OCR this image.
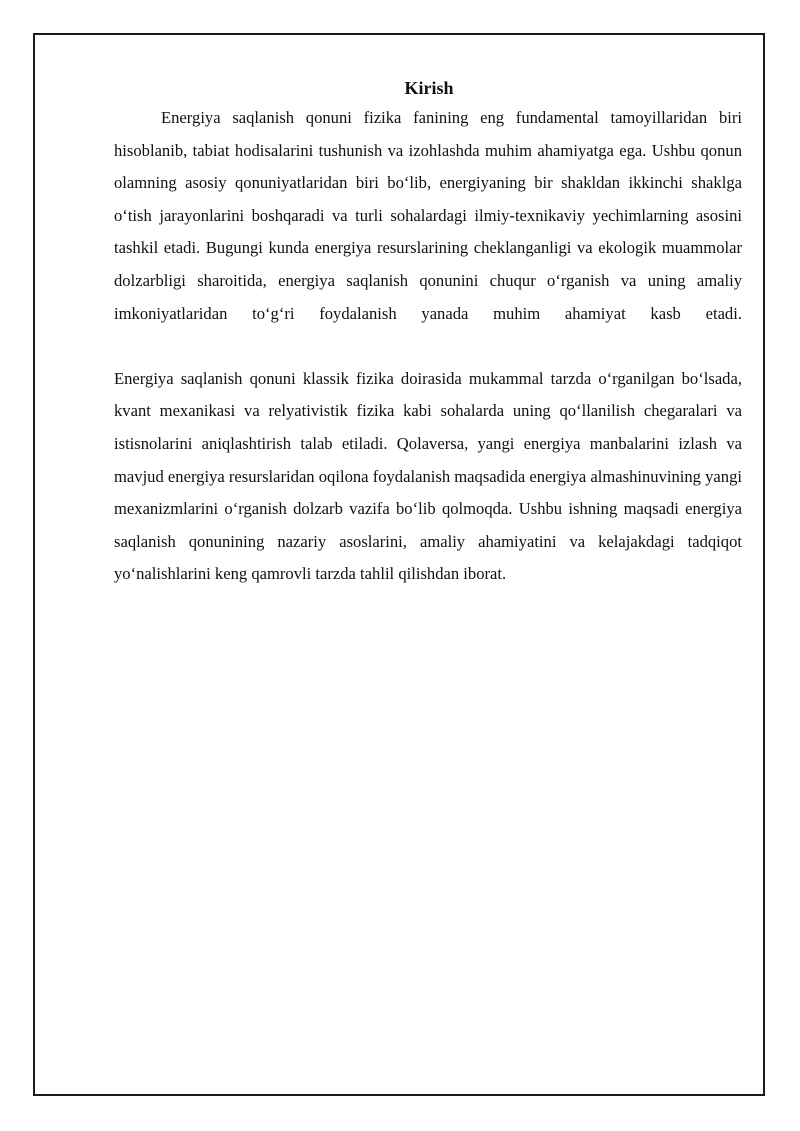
Kirish

Energiya saqlanish qonuni fizika fanining eng fundamental tamoyillaridan biri hisoblanib, tabiat hodisalarini tushunish va izohlashda muhim ahamiyatga ega. Ushbu qonun olamning asosiy qonuniyatlaridan biri bo‘lib, energiyaning bir shakldan ikkinchi shaklga o‘tish jarayonlarini boshqaradi va turli sohalardagi ilmiy-texnikaviy yechimlarning asosini tashkil etadi. Bugungi kunda energiya resurslarining cheklanganligi va ekologik muammolar dolzarbligi sharoitida, energiya saqlanish qonunini chuqur o‘rganish va uning amaliy imkoniyatlaridan to‘g‘ri foydalanish yanada muhim ahamiyat kasb etadi.

Energiya saqlanish qonuni klassik fizika doirasida mukammal tarzda o‘rganilgan bo‘lsada, kvant mexanikasi va relyativistik fizika kabi sohalarda uning qo‘llanilish chegaralari va istisnolarini aniqlashtirish talab etiladi. Qolaversa, yangi energiya manbalarini izlash va mavjud energiya resurslaridan oqilona foydalanish maqsadida energiya almashinuvining yangi mexanizmlarini o‘rganish dolzarb vazifa bo‘lib qolmoqda. Ushbu ishning maqsadi energiya saqlanish qonunining nazariy asoslarini, amaliy ahamiyatini va kelajakdagi tadqiqot yo‘nalishlarini keng qamrovli tarzda tahlil qilishdan iborat.
